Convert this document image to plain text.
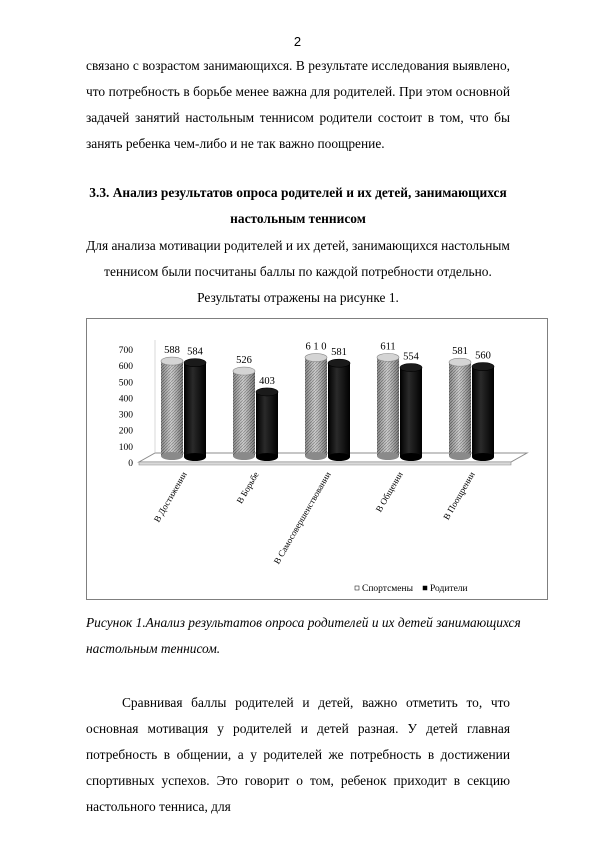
2
связано с возрастом занимающихся. В результате исследования выявлено, что потребность в борьбе менее важна для родителей. При этом основной задачей занятий настольным теннисом родители состоит в том, что бы занять ребенка чем-либо и не так важно поощрение.
3.3. Анализ результатов опроса родителей и их детей, занимающихся настольным теннисом
Для анализа мотивации родителей и их детей, занимающихся настольным теннисом были посчитаны баллы по каждой потребности отдельно.
Результаты отражены на рисунке 1.
0
100
200
300
400
500
600
700	588 584
В Достижении
526
403
В Борьбе
6 1 0
581
В Самосовершенствовании
611
554
В Общении
581 560
В Поощрении
Спортсмены Родители
Рисунок 1.Анализ результатов опроса родителей и их детей занимающихся настольным теннисом.
Сравнивая баллы родителей и детей, важно отметить то, что основная мотивация у родителей и детей разная. У детей главная потребность в общении, а у родителей же потребность в достижении спортивных успехов. Это говорит о том, ребенок приходит в секцию настольного тенниса, для
